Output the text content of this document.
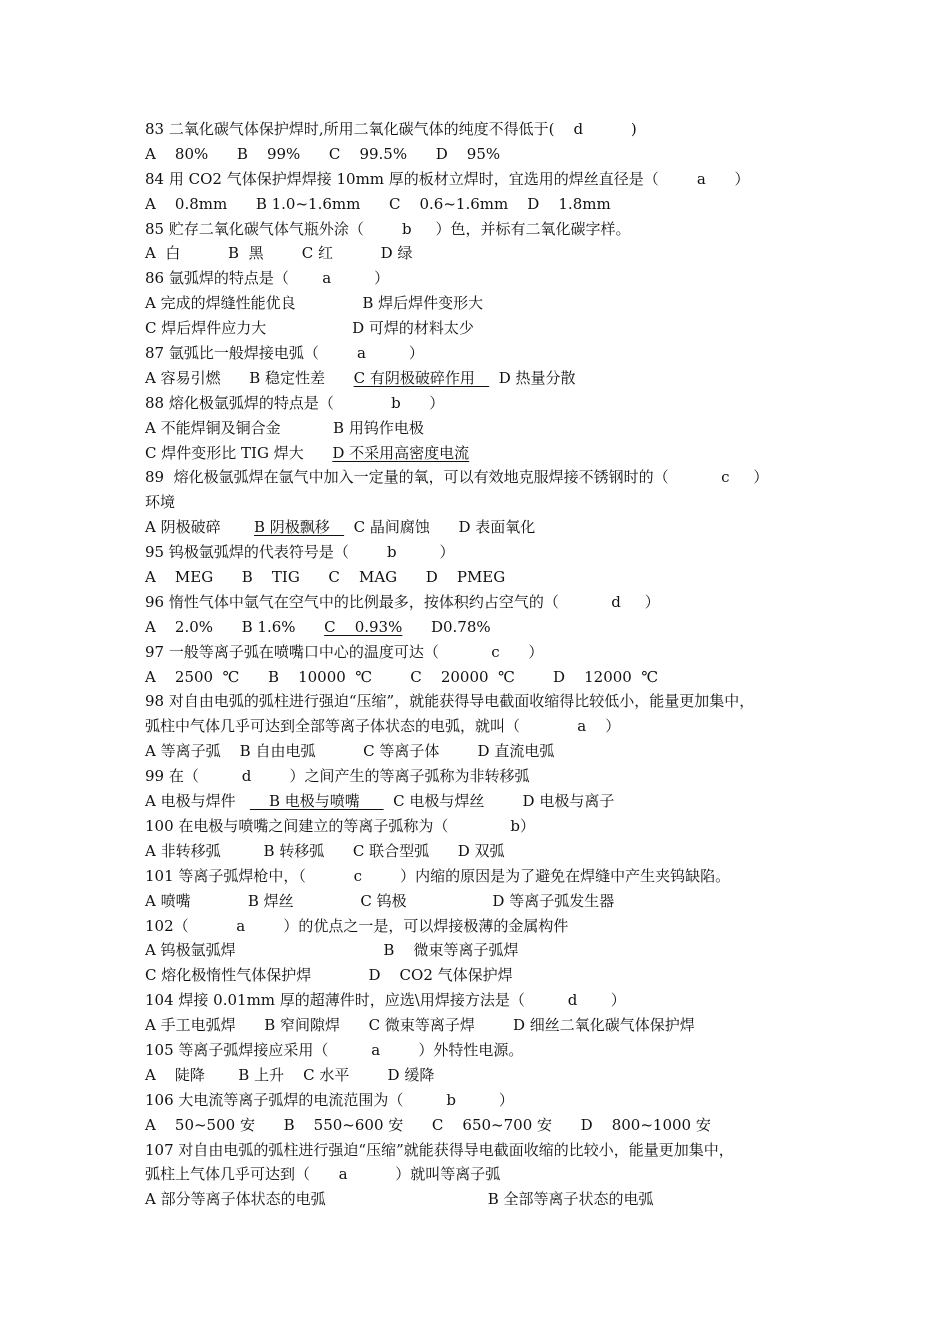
83 二氧化碳气体保护焊时,所用二氧化碳气体的纯度不得低于(    d          )
A    80%      B    99%      C    99.5%      D    95%
84 用 CO2 气体保护焊焊接 10mm 厚的板材立焊时，宜选用的焊丝直径是（        a      ）
A    0.8mm      B 1.0~1.6mm      C    0.6~1.6mm    D    1.8mm
85 贮存二氧化碳气体气瓶外涂（        b     ）色，并标有二氧化碳字样。
A  白          B  黑        C 红          D 绿
86 氩弧焊的特点是（       a         ）
A 完成的焊缝性能优良              B 焊后焊件变形大
C 焊后焊件应力大                  D 可焊的材料太少
87 氩弧比一般焊接电弧（        a         ）
A 容易引燃      B 稳定性差      C 有阴极破碎作用     D 热量分散
88 熔化极氩弧焊的特点是（            b      ）
A 不能焊铜及铜合金           B 用钨作电极
C 焊件变形比 TIG 焊大      D 不采用高密度电流
89  熔化极氩弧焊在氩气中加入一定量的氧，可以有效地克服焊接不锈钢时的（           c     ）
环境
A 阴极破碎       B 阴极飘移     C 晶间腐蚀      D 表面氧化
95 钨极氩弧焊的代表符号是（        b         ）
A    MEG      B    TIG      C    MAG      D    PMEG
96 惰性气体中氩气在空气中的比例最多，按体积约占空气的（           d     ）
A    2.0%      B 1.6%      C    0.93%      D0.78%
97 一般等离子弧在喷嘴口中心的温度可达（           c      ）
A    2500  ℃      B    10000  ℃        C    20000  ℃        D    12000  ℃
98 对自由电弧的弧柱进行强迫“压缩”，就能获得导电截面收缩得比较低小，能量更加集中，
弧柱中气体几乎可达到全部等离子体状态的电弧，就叫（            a    ）
A 等离子弧    B 自由电弧          C 等离子体        D 直流电弧
99 在（         d        ）之间产生的等离子弧称为非转移弧
A 电极与焊件       B 电极与喷嘴       C 电极与焊丝        D 电极与离子
100 在电极与喷嘴之间建立的等离子弧称为（             b）
A 非转移弧         B 转移弧      C 联合型弧      D 双弧
101 等离子弧焊枪中，（          c        ）内缩的原因是为了避免在焊缝中产生夹钨缺陷。
A 喷嘴            B 焊丝              C 钨极                  D 等离子弧发生器
102（          a        ）的优点之一是，可以焊接极薄的金属构件
A 钨极氩弧焊                               B    微束等离子弧焊
C 熔化极惰性气体保护焊            D    CO2 气体保护焊
104 焊接 0.01mm 厚的超薄件时，应选\用焊接方法是（         d       ）
A 手工电弧焊      B 窄间隙焊      C 微束等离子焊        D 细丝二氧化碳气体保护焊
105 等离子弧焊接应采用（         a        ）外特性电源。
A    陡降       B 上升    C 水平        D 缓降
106 大电流等离子弧焊的电流范围为（         b         ）
A    50~500 安      B    550~600 安      C    650~700 安      D    800~1000 安
107 对自由电弧的弧柱进行强迫“压缩”就能获得导电截面收缩的比较小，能量更加集中，
弧柱上气体几乎可达到（      a          ）就叫等离子弧
A 部分等离子体状态的电弧                                  B 全部等离子状态的电弧
